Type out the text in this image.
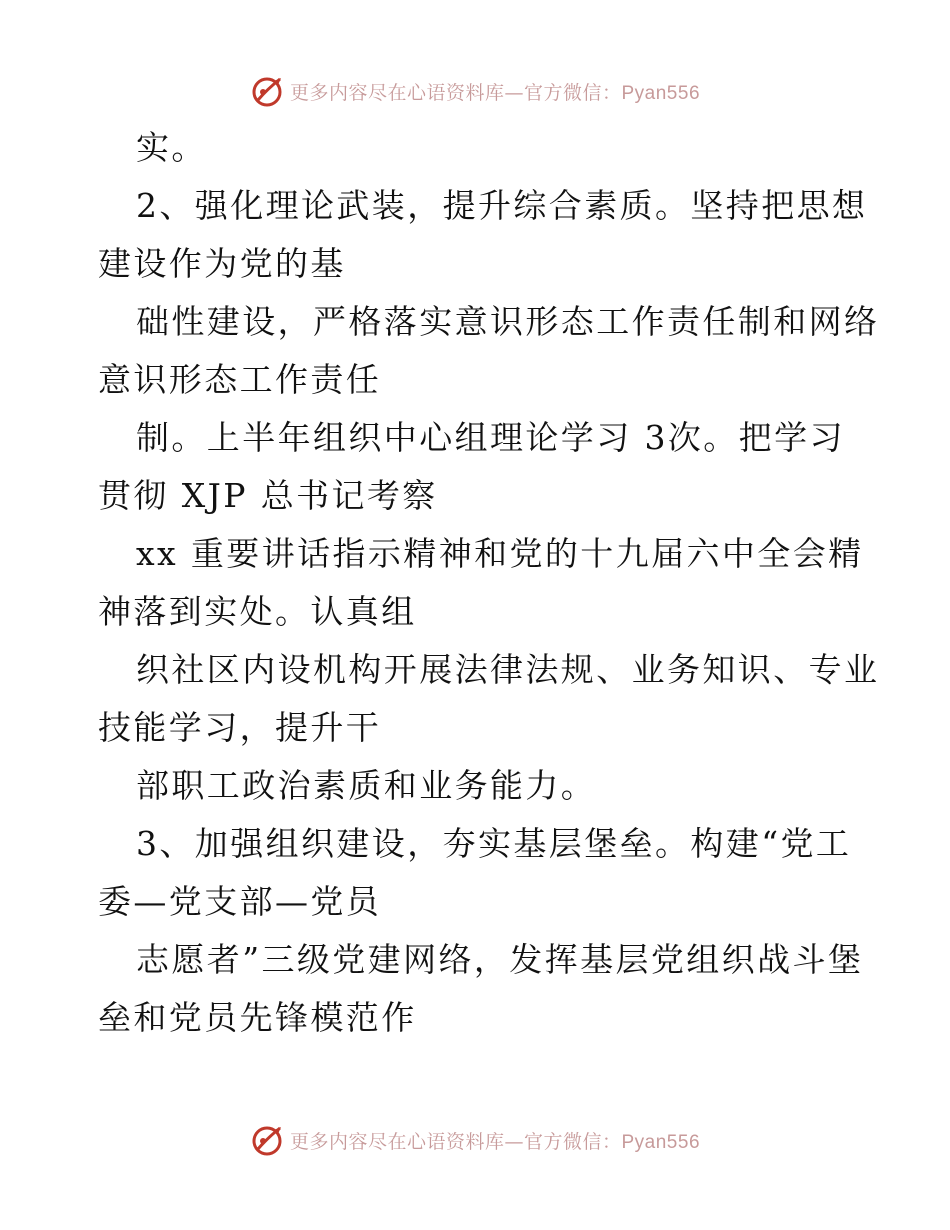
更多内容尽在心语资料库—官方微信：Pyan556
实。
2、强化理论武装，提升综合素质。坚持把思想
建设作为党的基
础性建设，严格落实意识形态工作责任制和网络
意识形态工作责任
制。上半年组织中心组理论学习 3次。把学习
贯彻 XJP 总书记考察
xx 重要讲话指示精神和党的十九届六中全会精
神落到实处。认真组
织社区内设机构开展法律法规、业务知识、专业
技能学习，提升干
部职工政治素质和业务能力。
3、加强组织建设，夯实基层堡垒。构建“党工
委—党支部—党员
志愿者”三级党建网络，发挥基层党组织战斗堡
垒和党员先锋模范作
更多内容尽在心语资料库—官方微信：Pyan556
